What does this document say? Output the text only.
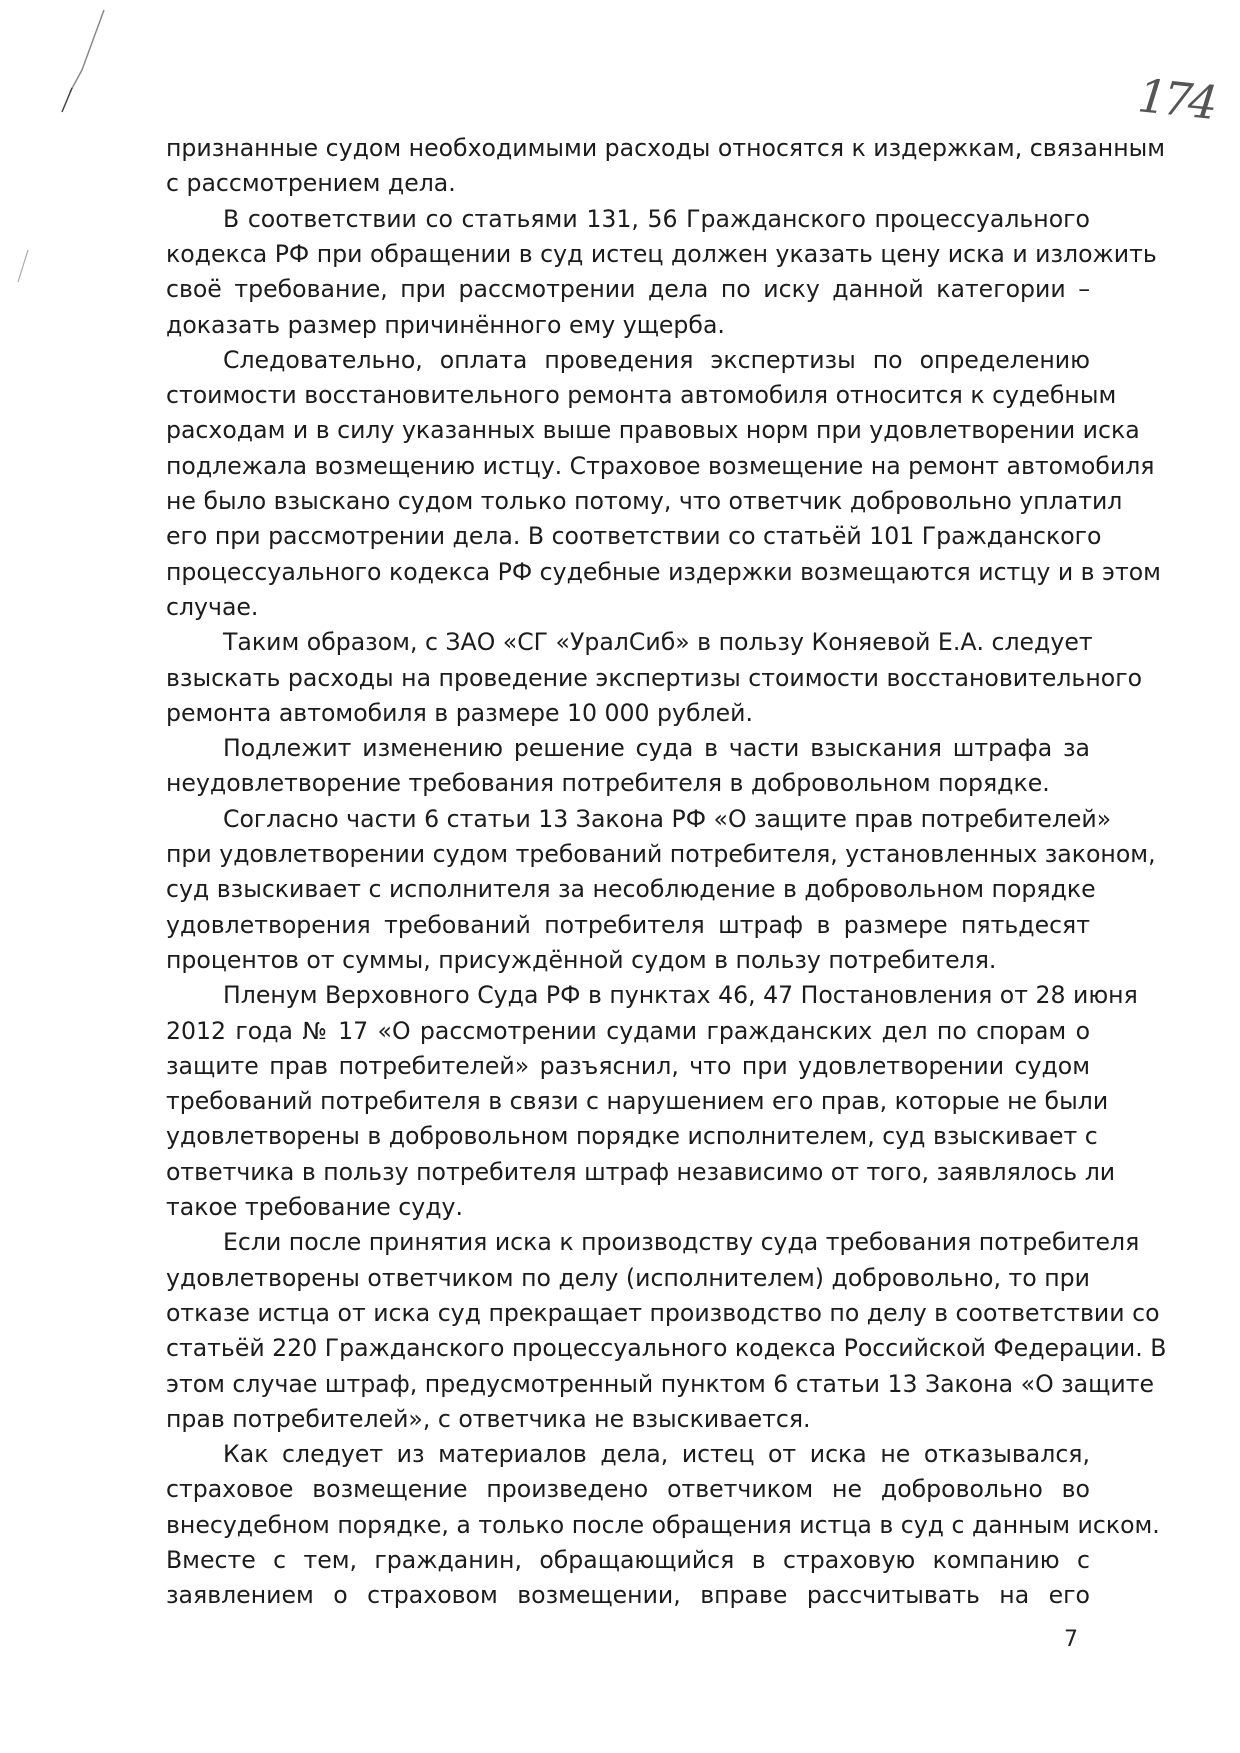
174
признанные судом необходимыми расходы относятся к издержкам, связанным
с рассмотрением дела.
В соответствии со статьями 131, 56 Гражданского процессуального
кодекса РФ при обращении в суд истец должен указать цену иска и изложить
своё требование, при рассмотрении дела по иску данной категории –
доказать размер причинённого ему ущерба.
Следовательно, оплата проведения экспертизы по определению
стоимости восстановительного ремонта автомобиля относится к судебным
расходам и в силу указанных выше правовых норм при удовлетворении иска
подлежала возмещению истцу. Страховое возмещение на ремонт автомобиля
не было взыскано судом только потому, что ответчик добровольно уплатил
его при рассмотрении дела. В соответствии со статьёй 101 Гражданского
процессуального кодекса РФ судебные издержки возмещаются истцу и в этом
случае.
Таким образом, с ЗАО «СГ «УралСиб» в пользу Коняевой Е.А. следует
взыскать расходы на проведение экспертизы стоимости восстановительного
ремонта автомобиля в размере 10 000 рублей.
Подлежит изменению решение суда в части взыскания штрафа за
неудовлетворение требования потребителя в добровольном порядке.
Согласно части 6 статьи 13 Закона РФ «О защите прав потребителей»
при удовлетворении судом требований потребителя, установленных законом,
суд взыскивает с исполнителя за несоблюдение в добровольном порядке
удовлетворения требований потребителя штраф в размере пятьдесят
процентов от суммы, присуждённой судом в пользу потребителя.
Пленум Верховного Суда РФ в пунктах 46, 47 Постановления от 28 июня
2012 года № 17 «О рассмотрении судами гражданских дел по спорам о
защите прав потребителей» разъяснил, что при удовлетворении судом
требований потребителя в связи с нарушением его прав, которые не были
удовлетворены в добровольном порядке исполнителем, суд взыскивает с
ответчика в пользу потребителя штраф независимо от того, заявлялось ли
такое требование суду.
Если после принятия иска к производству суда требования потребителя
удовлетворены ответчиком по делу (исполнителем) добровольно, то при
отказе истца от иска суд прекращает производство по делу в соответствии со
статьёй 220 Гражданского процессуального кодекса Российской Федерации. В
этом случае штраф, предусмотренный пунктом 6 статьи 13 Закона «О защите
прав потребителей», с ответчика не взыскивается.
Как следует из материалов дела, истец от иска не отказывался,
страховое возмещение произведено ответчиком не добровольно во
внесудебном порядке, а только после обращения истца в суд с данным иском.
Вместе с тем, гражданин, обращающийся в страховую компанию с
заявлением о страховом возмещении, вправе рассчитывать на его
7
